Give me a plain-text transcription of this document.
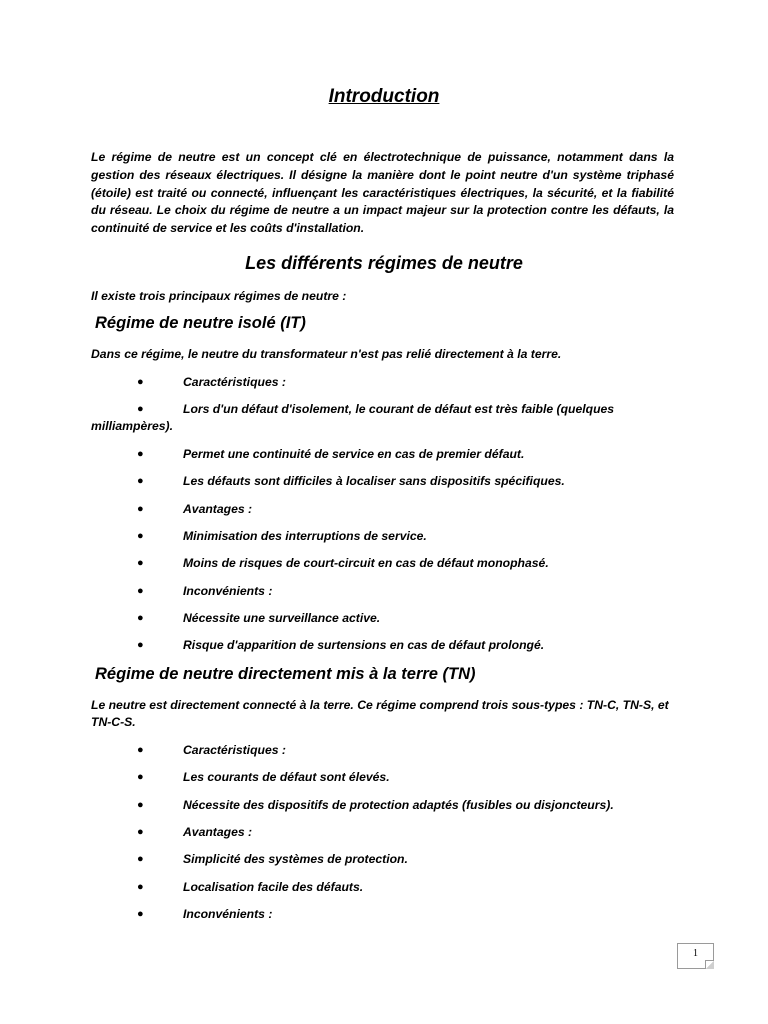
Introduction

Le régime de neutre est un concept clé en électrotechnique de puissance, notamment dans la gestion des réseaux électriques. Il désigne la manière dont le point neutre d'un système triphasé (étoile) est traité ou connecté, influençant les caractéristiques électriques, la sécurité, et la fiabilité du réseau. Le choix du régime de neutre a un impact majeur sur la protection contre les défauts, la continuité de service et les coûts d'installation.

Les différents régimes de neutre

Il existe trois principaux régimes de neutre :

Régime de neutre isolé (IT)

Dans ce régime, le neutre du transformateur n'est pas relié directement à la terre.

●	Caractéristiques :
●	Lors d'un défaut d'isolement, le courant de défaut est très faible (quelques milliampères).
●	Permet une continuité de service en cas de premier défaut.
●	Les défauts sont difficiles à localiser sans dispositifs spécifiques.
●	Avantages :
●	Minimisation des interruptions de service.
●	Moins de risques de court-circuit en cas de défaut monophasé.
●	Inconvénients :
●	Nécessite une surveillance active.
●	Risque d'apparition de surtensions en cas de défaut prolongé.
Régime de neutre directement mis à la terre (TN)

Le neutre est directement connecté à la terre. Ce régime comprend trois sous-types : TN-C, TN-S, et TN-C-S.

●	Caractéristiques :
●	Les courants de défaut sont élevés.
●	Nécessite des dispositifs de protection adaptés (fusibles ou disjoncteurs).
●	Avantages :
●	Simplicité des systèmes de protection.
●	Localisation facile des défauts.
●	Inconvénients :
1
